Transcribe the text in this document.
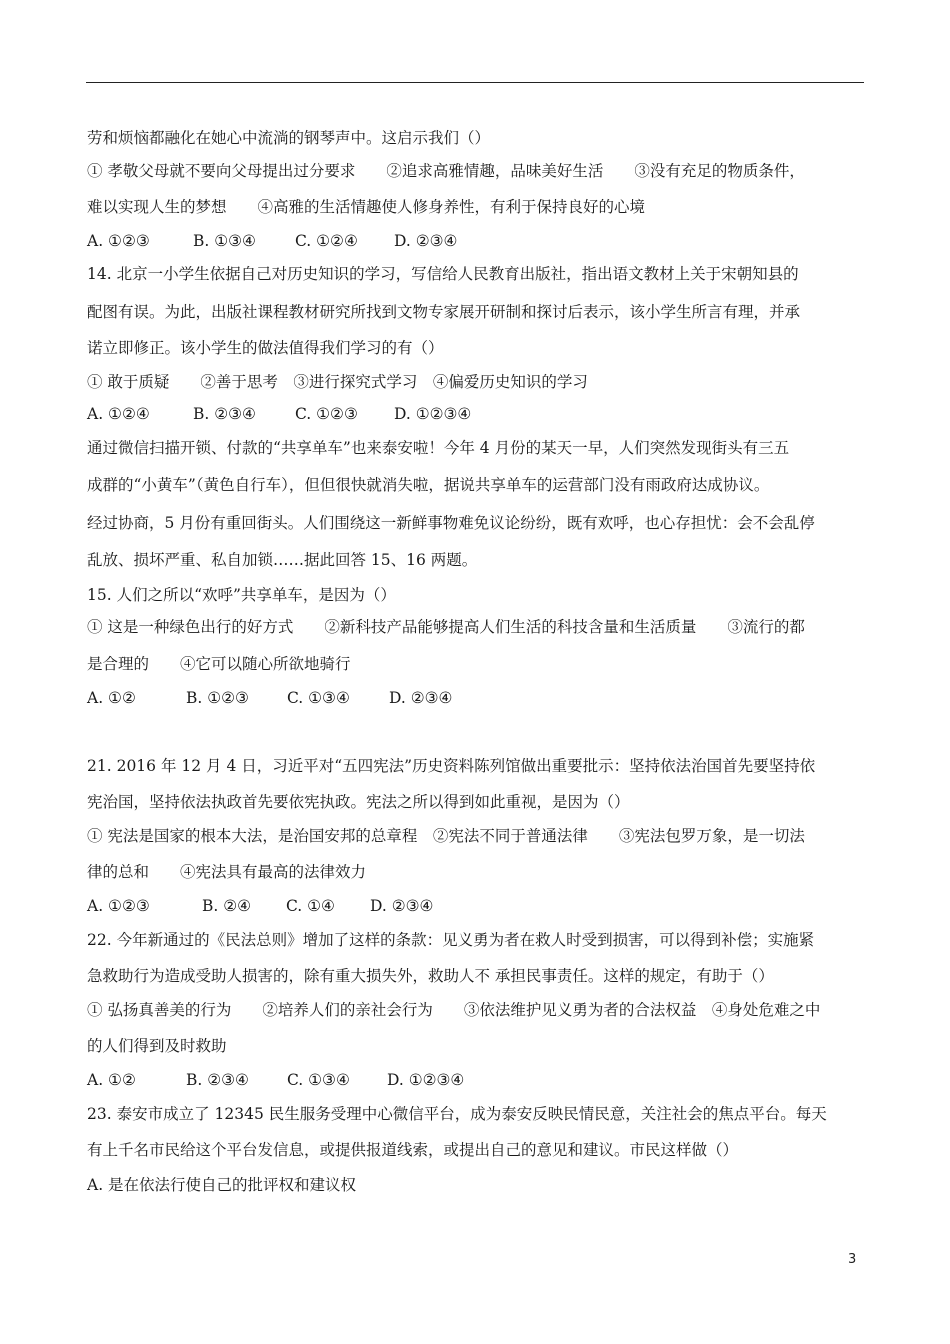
劳和烦恼都融化在她心中流淌的钢琴声中。这启示我们（）
① 孝敬父母就不要向父母提出过分要求　　②追求高雅情趣，品味美好生活　　③没有充足的物质条件，
难以实现人生的梦想　　④高雅的生活情趣使人修身养性，有利于保持良好的心境
A. ①②③	B. ①③④	C. ①②④ D. ②③④
14. 北京一小学生依据自己对历史知识的学习，写信给人民教育出版社，指出语文教材上关于宋朝知县的
配图有误。为此，出版社课程教材研究所找到文物专家展开研制和探讨后表示，该小学生所言有理，并承
诺立即修正。该小学生的做法值得我们学习的有（）
① 敢于质疑　　②善于思考　③进行探究式学习　④偏爱历史知识的学习
A. ①②④	B. ②③④	C. ①②③ D. ①②③④
通过微信扫描开锁、付款的“共享单车”也来泰安啦！今年 4 月份的某天一早，人们突然发现街头有三五
成群的“小黄车”（黄色自行车），但但很快就消失啦，据说共享单车的运营部门没有雨政府达成协议。
经过协商，5 月份有重回街头。人们围绕这一新鲜事物难免议论纷纷，既有欢呼，也心存担忧：会不会乱停
乱放、损坏严重、私自加锁……据此回答 15、16 两题。
15. 人们之所以“欢呼”共享单车，是因为（）
① 这是一种绿色出行的好方式　　②新科技产品能够提高人们生活的科技含量和生活质量　　③流行的都
是合理的　　④它可以随心所欲地骑行
A. ①②	B. ①②③ C. ①③④	D. ②③④
21. 2016 年 12 月 4 日，习近平对“五四宪法”历史资料陈列馆做出重要批示：坚持依法治国首先要坚持依
宪治国，坚持依法执政首先要依宪执政。宪法之所以得到如此重视，是因为（）
① 宪法是国家的根本大法，是治国安邦的总章程　②宪法不同于普通法律　　③宪法包罗万象，是一切法
律的总和　　④宪法具有最高的法律效力
A. ①②③	B. ②④ C. ①④ D. ②③④
22. 今年新通过的《民法总则》增加了这样的条款：见义勇为者在救人时受到损害，可以得到补偿；实施紧
急救助行为造成受助人损害的，除有重大损失外，救助人不 承担民事责任。这样的规定，有助于（）
① 弘扬真善美的行为　　②培养人们的亲社会行为　　③依法维护见义勇为者的合法权益　④身处危难之中
的人们得到及时救助
A. ①②	B. ②③④ C. ①③④ D. ①②③④
23. 泰安市成立了 12345 民生服务受理中心微信平台，成为泰安反映民情民意，关注社会的焦点平台。每天
有上千名市民给这个平台发信息，或提供报道线索，或提出自己的意见和建议。市民这样做（）
A. 是在依法行使自己的批评权和建议权
3
